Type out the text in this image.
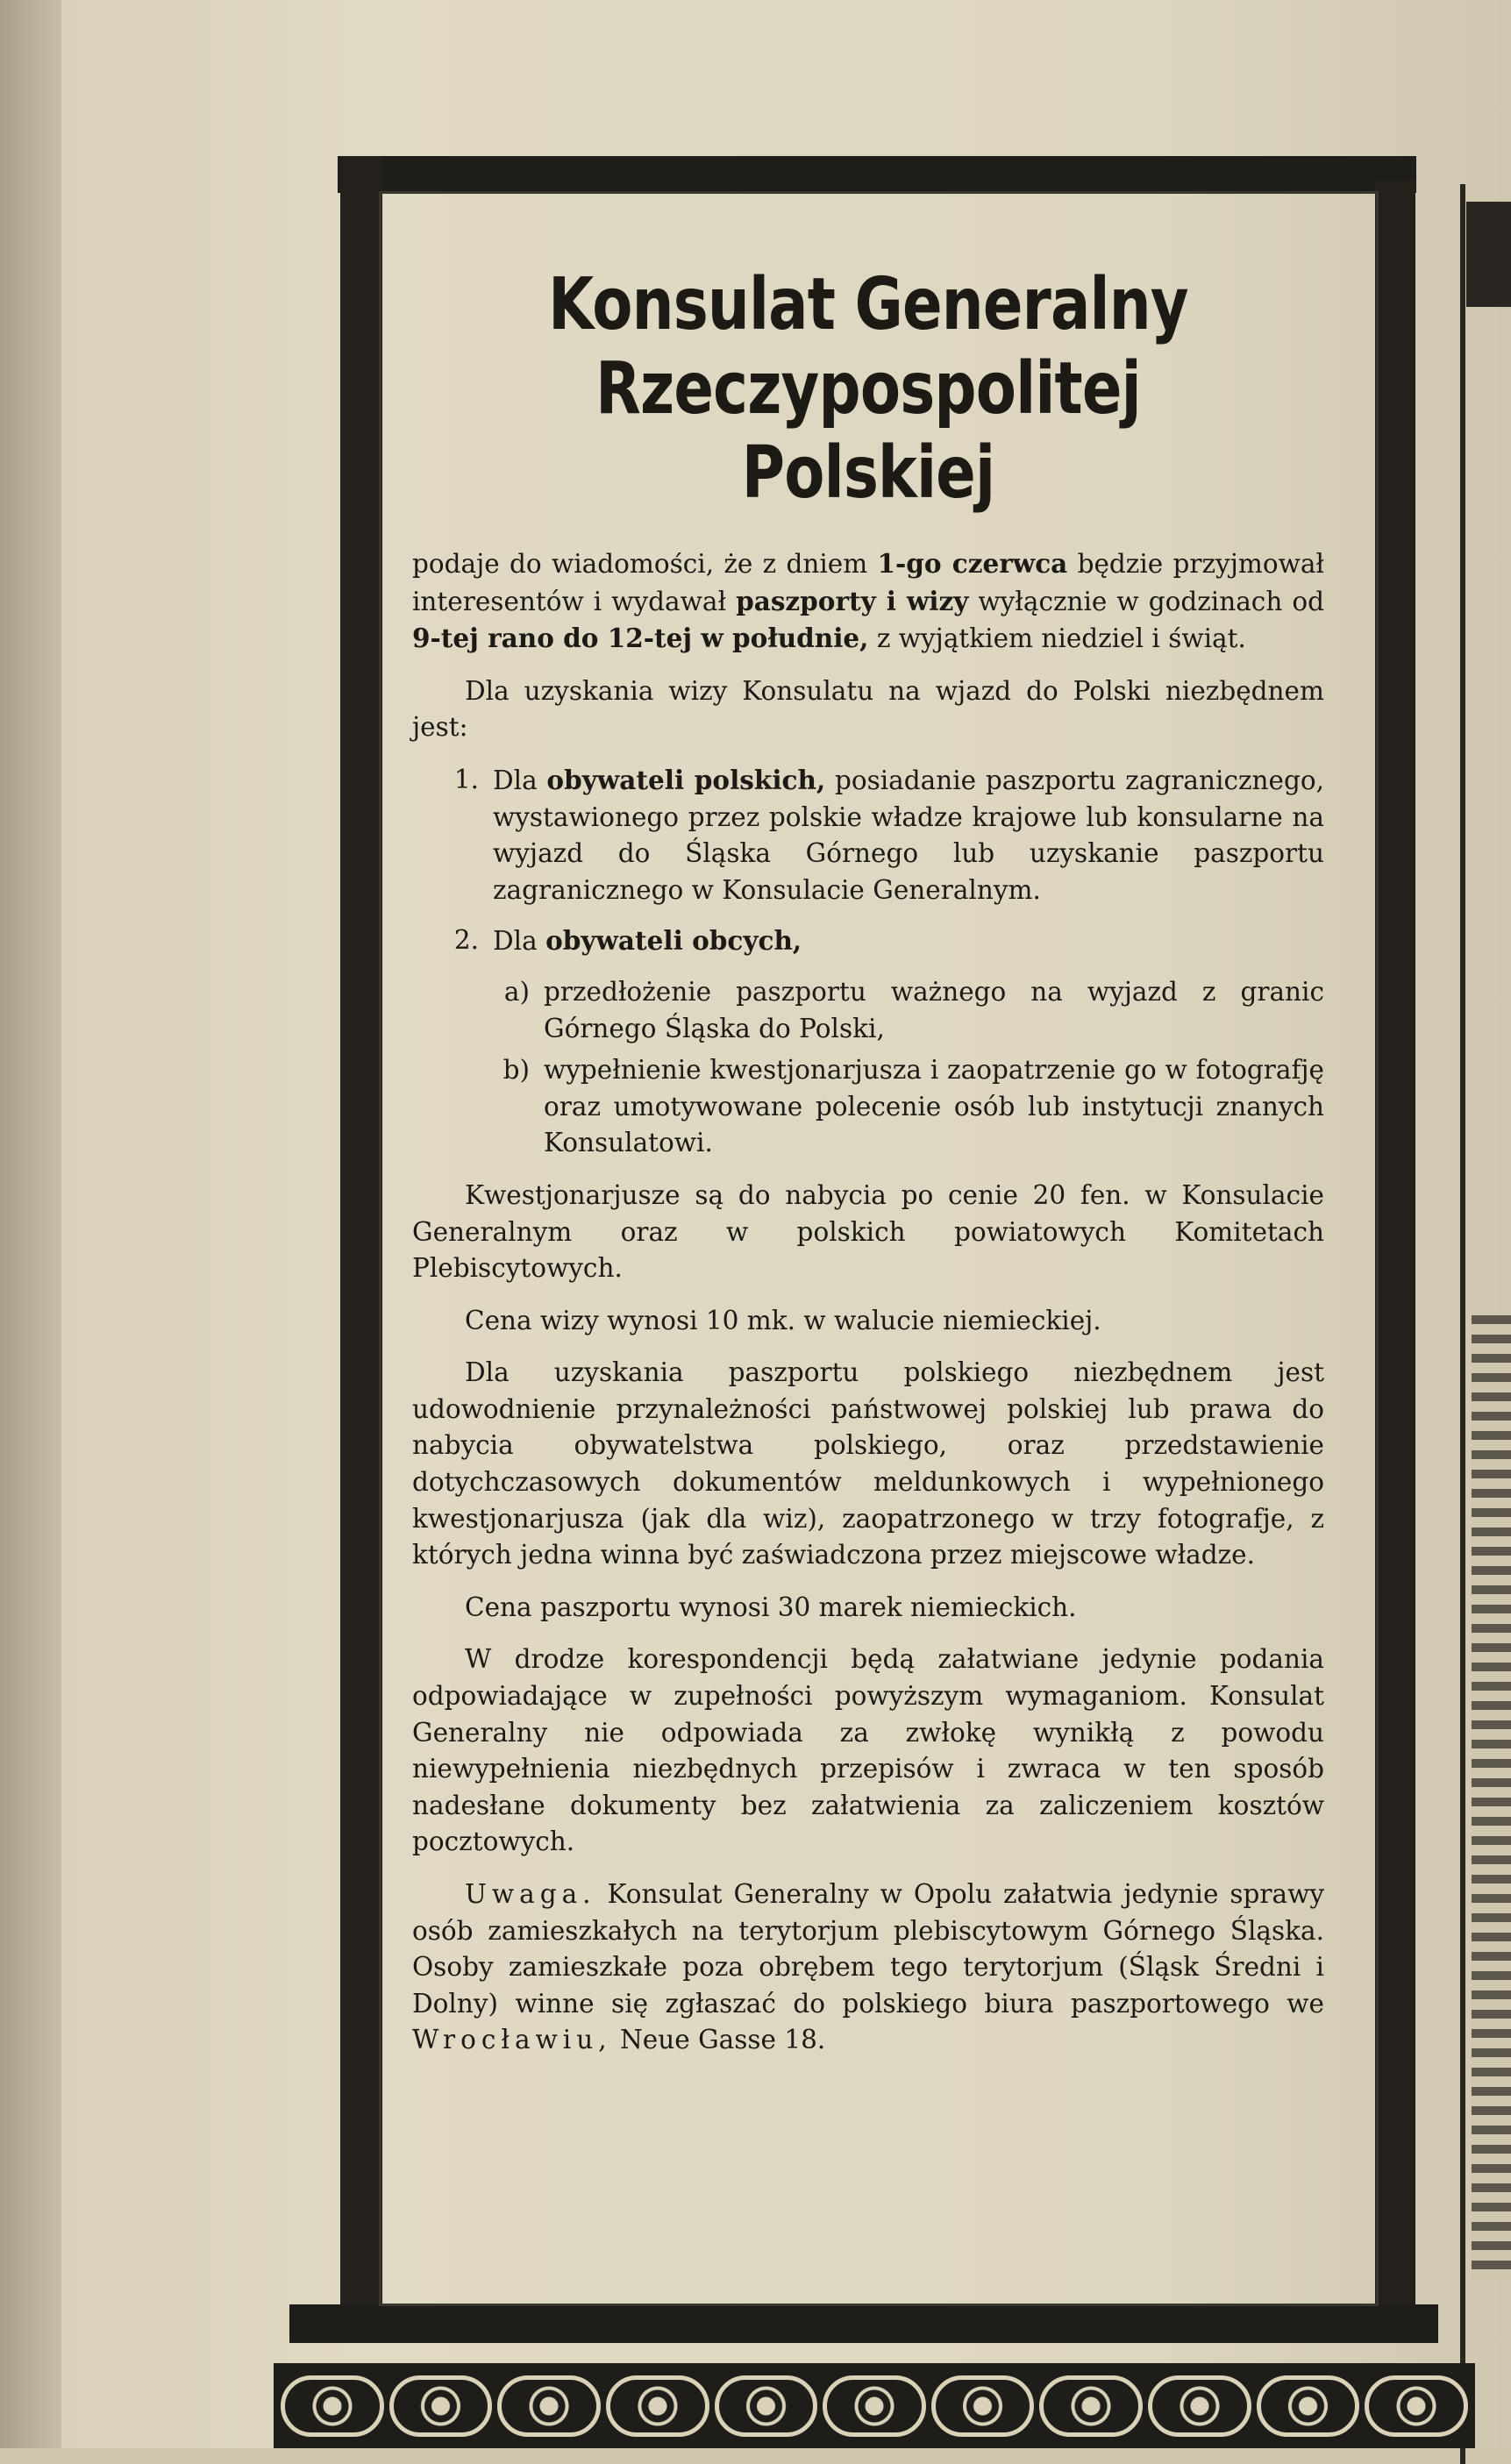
Konsulat Generalny
Rzeczypospolitej Polskiej

podaje do wiadomości, że z dniem 1-go czerwca będzie przyjmował interesentów i wydawał paszporty i wizy wyłącznie w godzinach od 9-tej rano do 12-tej w południe, z wyjątkiem niedziel i świąt.

Dla uzyskania wizy Konsulatu na wjazd do Polski niezbędnem jest:

1. Dla obywateli polskich, posiadanie paszportu zagranicznego, wystawionego przez polskie władze krajowe lub konsularne na wyjazd do Śląska Górnego lub uzyskanie paszportu zagranicznego w Konsulacie Generalnym.
2. Dla obywateli obcych,
a) przedłożenie paszportu ważnego na wyjazd z granic Górnego Śląska do Polski,
b) wypełnienie kwestjonarjusza i zaopatrzenie go w fotografję oraz umotywowane polecenie osób lub instytucji znanych Konsulatowi.

Kwestjonarjusze są do nabycia po cenie 20 fen. w Konsulacie Generalnym oraz w polskich powiatowych Komitetach Plebiscytowych.

Cena wizy wynosi 10 mk. w walucie niemieckiej.

Dla uzyskania paszportu polskiego niezbędnem jest udowodnienie przynależności państwowej polskiej lub prawa do nabycia obywatelstwa polskiego, oraz przedstawienie dotychczasowych dokumentów meldunkowych i wypełnionego kwestjonarjusza (jak dla wiz), zaopatrzonego w trzy fotografje, z których jedna winna być zaświadczona przez miejscowe władze.

Cena paszportu wynosi 30 marek niemieckich.

W drodze korespondencji będą załatwiane jedynie podania odpowiadające w zupełności powyższym wymaganiom. Konsulat Generalny nie odpowiada za zwłokę wynikłą z powodu niewypełnienia niezbędnych przepisów i zwraca w ten sposób nadesłane dokumenty bez załatwienia za zaliczeniem kosztów pocztowych.

Uwaga. Konsulat Generalny w Opolu załatwia jedynie sprawy osób zamieszkałych na terytorjum plebiscytowym Górnego Śląska. Osoby zamieszkałe poza obrębem tego terytorjum (Śląsk Średni i Dolny) winne się zgłaszać do polskiego biura paszportowego we Wrocławiu, Neue Gasse 18.
